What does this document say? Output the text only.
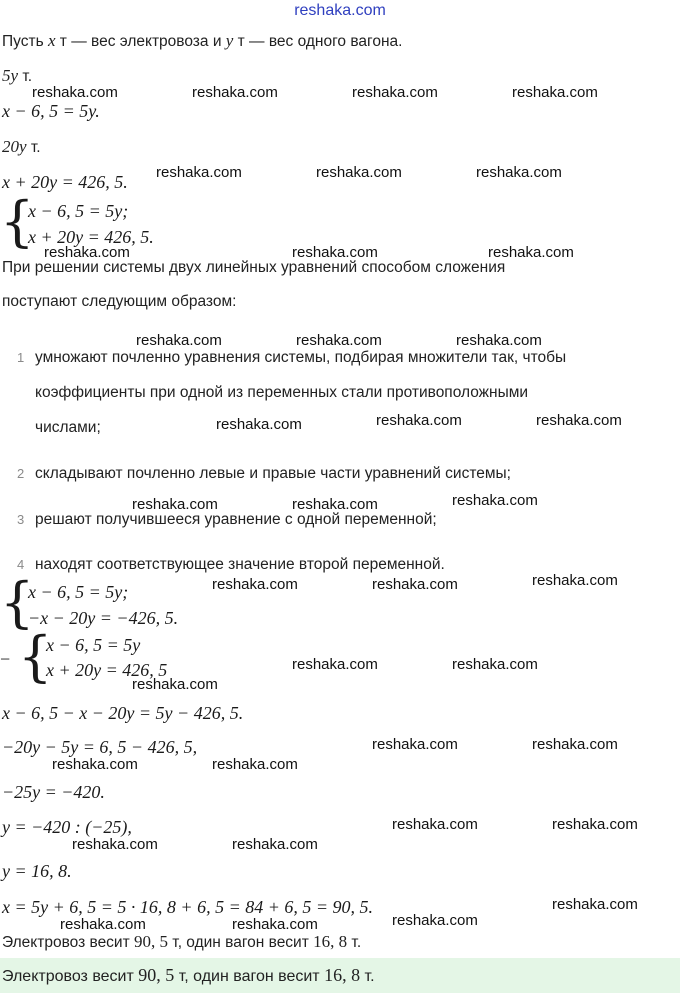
reshaka.com
Пусть x т — вес электровоза и y т — вес одного вагона.
5y т.
x − 6, 5 = 5y.
20y т.
x + 20y = 426, 5.
{
x − 6, 5 = 5y;
x + 20y = 426, 5.
При решении системы двух линейных уравнений способом сложения
поступают следующим образом:
1 умножают почленно уравнения системы, подбирая множители так, чтобы
коэффициенты при одной из переменных стали противоположными
числами;
2 складывают почленно левые и правые части уравнений системы;
3 решают получившееся уравнение с одной переменной;
4 находят соответствующее значение второй переменной.
{
x − 6, 5 = 5y;
−x − 20y = −426, 5.
− {
x − 6, 5 = 5y
x + 20y = 426, 5
x − 6, 5 − x − 20y = 5y − 426, 5.
−20y − 5y = 6, 5 − 426, 5,
−25y = −420.
y = −420 : (−25),
y = 16, 8.
x = 5y + 6, 5 = 5 · 16, 8 + 6, 5 = 84 + 6, 5 = 90, 5.
Электровоз весит 90, 5 т, один вагон весит 16, 8 т.
Электровоз весит 90, 5 т, один вагон весит 16, 8 т.
reshaka.com	reshaka.com	reshaka.com	reshaka.com
reshaka.com	reshaka.com	reshaka.com
reshaka.com	reshaka.com	reshaka.com
reshaka.com	reshaka.com	reshaka.com
reshaka.com	reshaka.com	reshaka.com
reshaka.com	reshaka.com	reshaka.com
reshaka.com	reshaka.com	reshaka.com
reshaka.com	reshaka.com
reshaka.com
reshaka.com	reshaka.com
reshaka.com	reshaka.com
reshaka.com	reshaka.com
reshaka.com	reshaka.com
reshaka.com
reshaka.com
reshaka.com	reshaka.com
